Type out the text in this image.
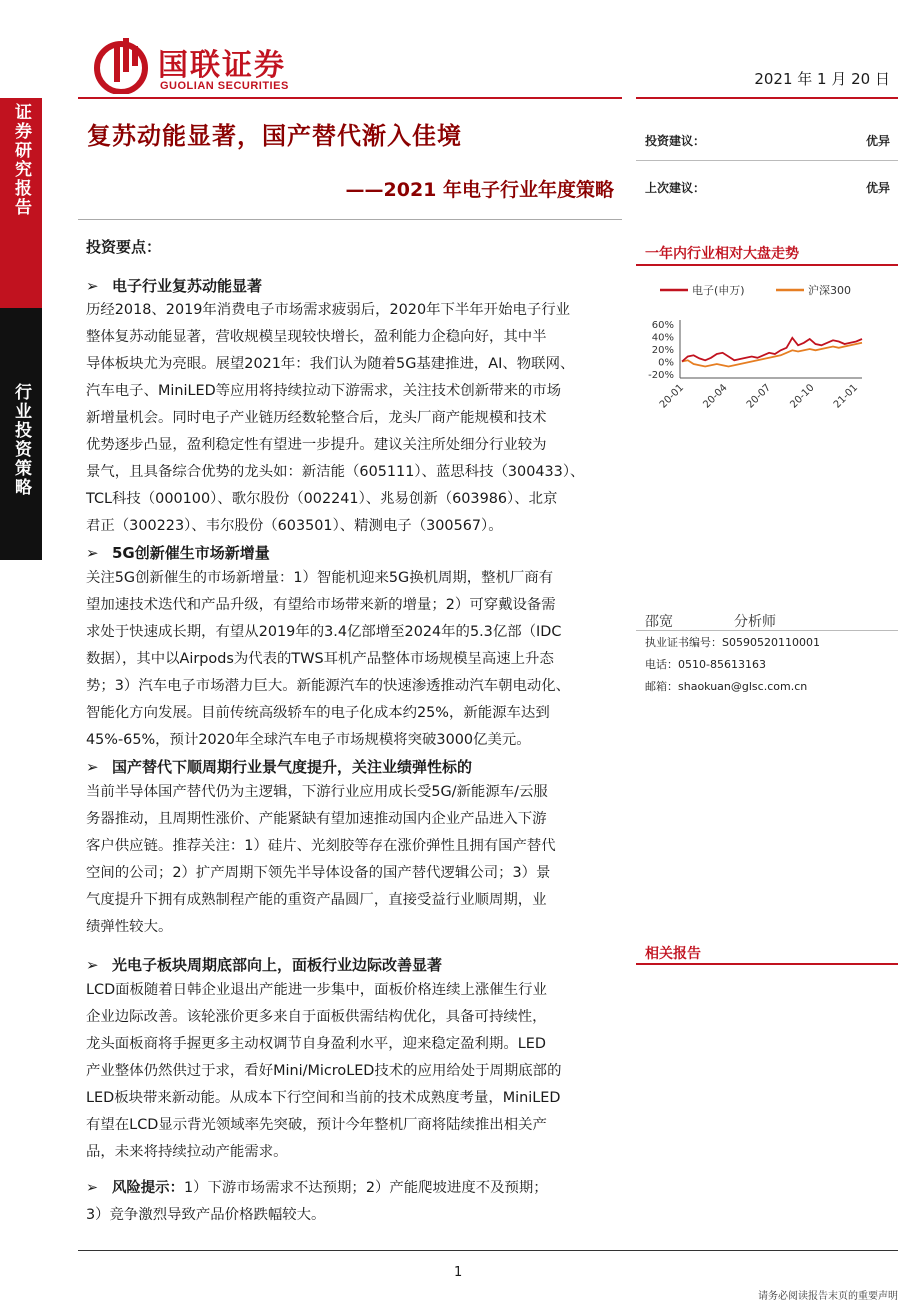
国联证券
GUOLIAN SECURITIES	2021 年 1 月 20 日
证券研究报告
行业投资策略
复苏动能显著，国产替代渐入佳境
——2021 年电子行业年度策略
投资建议：	优异
上次建议：	优异
一年内行业相对大盘走势
电子(申万)	沪深300
60%
40%
20%
0%
-20%
20-01 20-04 20-07 20-10 21-01
邵宽	分析师
执业证书编号：S0590520110001
电话：0510-85613163
邮箱：shaokuan@glsc.com.cn
相关报告
投资要点：
➢ 电子行业复苏动能显著
历经2018、2019年消费电子市场需求疲弱后，2020年下半年开始电子行业
整体复苏动能显著，营收规模呈现较快增长，盈利能力企稳向好，其中半
导体板块尤为亮眼。展望2021年：我们认为随着5G基建推进，AI、物联网、
汽车电子、MiniLED等应用将持续拉动下游需求，关注技术创新带来的市场
新增量机会。同时电子产业链历经数轮整合后，龙头厂商产能规模和技术
优势逐步凸显，盈利稳定性有望进一步提升。建议关注所处细分行业较为
景气，且具备综合优势的龙头如：新洁能（605111）、蓝思科技（300433）、
TCL科技（000100）、歌尔股份（002241）、兆易创新（603986）、北京
君正（300223）、韦尔股份（603501）、精测电子（300567）。
➢ 5G创新催生市场新增量
关注5G创新催生的市场新增量：1）智能机迎来5G换机周期，整机厂商有
望加速技术迭代和产品升级，有望给市场带来新的增量；2）可穿戴设备需
求处于快速成长期，有望从2019年的3.4亿部增至2024年的5.3亿部（IDC
数据），其中以Airpods为代表的TWS耳机产品整体市场规模呈高速上升态
势；3）汽车电子市场潜力巨大。新能源汽车的快速渗透推动汽车朝电动化、
智能化方向发展。目前传统高级轿车的电子化成本约25%，新能源车达到
45%-65%，预计2020年全球汽车电子市场规模将突破3000亿美元。
➢ 国产替代下顺周期行业景气度提升，关注业绩弹性标的
当前半导体国产替代仍为主逻辑，下游行业应用成长受5G/新能源车/云服
务器推动，且周期性涨价、产能紧缺有望加速推动国内企业产品进入下游
客户供应链。推荐关注：1）硅片、光刻胶等存在涨价弹性且拥有国产替代
空间的公司；2）扩产周期下领先半导体设备的国产替代逻辑公司；3）景
气度提升下拥有成熟制程产能的重资产晶圆厂，直接受益行业顺周期，业
绩弹性较大。
➢ 光电子板块周期底部向上，面板行业边际改善显著
LCD面板随着日韩企业退出产能进一步集中，面板价格连续上涨催生行业
企业边际改善。该轮涨价更多来自于面板供需结构优化，具备可持续性，
龙头面板商将手握更多主动权调节自身盈利水平，迎来稳定盈利期。LED
产业整体仍然供过于求，看好Mini/MicroLED技术的应用给处于周期底部的
LED板块带来新动能。从成本下行空间和当前的技术成熟度考量，MiniLED
有望在LCD显示背光领域率先突破，预计今年整机厂商将陆续推出相关产
品，未来将持续拉动产能需求。
➢ 风险提示：1）下游市场需求不达预期；2）产能爬坡进度不及预期；
3）竞争激烈导致产品价格跌幅较大。
1
请务必阅读报告末页的重要声明
